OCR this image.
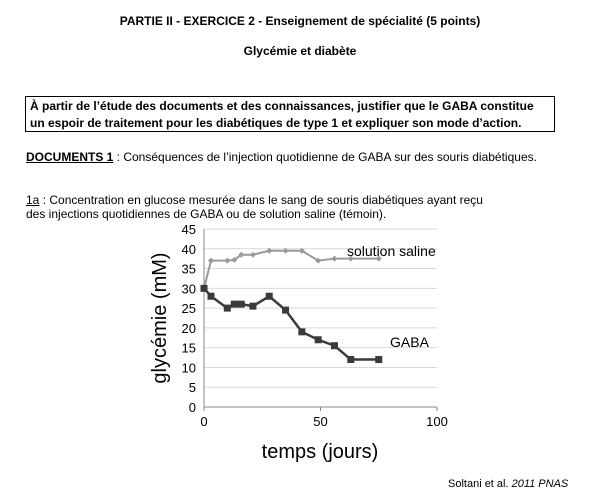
PARTIE II - EXERCICE 2 - Enseignement de spécialité (5 points)
Glycémie et diabète
À partir de l’étude des documents et des connaissances, justifier que le GABA constitue
un espoir de traitement pour les diabétiques de type 1 et expliquer son mode d’action.
DOCUMENTS 1 : Conséquences de l’injection quotidienne de GABA sur des souris diabétiques.
1a : Concentration en glucose mesurée dans le sang de souris diabétiques ayant reçu
des injections quotidiennes de GABA ou de solution saline (témoin).
0
5
10
15
20
25
30
35
40
45
0	50	100
temps (jours)
glycémie (mM)
solution saline
GABA
Soltani et al. 2011 PNAS
